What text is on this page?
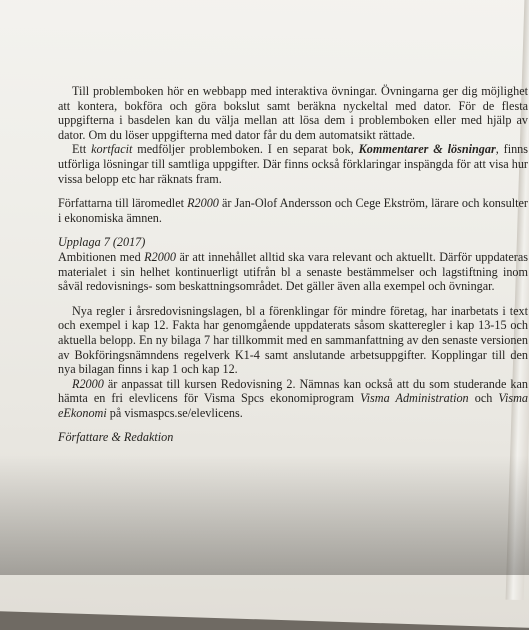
Till problemboken hör en webbapp med interaktiva övningar. Övningarna ger dig möjlighet att kontera, bokföra och göra bokslut samt beräkna nyckeltal med dator. För de flesta uppgifterna i basdelen kan du välja mellan att lösa dem i problemboken eller med hjälp av dator. Om du löser uppgifterna med dator får du dem automatsikt rättade.

Ett kortfacit medföljer problemboken. I en separat bok, Kommentarer & lösningar, finns utförliga lösningar till samtliga uppgifter. Där finns också förklaringar inspängda för att visa hur vissa belopp etc har räknats fram.

Författarna till läromedlet R2000 är Jan-Olof Andersson och Cege Ekström, lärare och konsulter i ekonomiska ämnen.

Upplaga 7 (2017)

Ambitionen med R2000 är att innehållet alltid ska vara relevant och aktuellt. Därför uppdateras materialet i sin helhet kontinuerligt utifrån bl a senaste bestämmelser och lagstiftning inom såväl redovisnings- som beskattningsområdet. Det gäller även alla exempel och övningar.

Nya regler i årsredovisningslagen, bl a förenklingar för mindre företag, har inarbetats i text och exempel i kap 12. Fakta har genomgående uppdaterats såsom skatteregler i kap 13-15 och aktuella belopp. En ny bilaga 7 har tillkommit med en sammanfattning av den senaste versionen av Bokföringsnämndens regelverk K1-4 samt anslutande arbetsuppgifter. Kopplingar till den nya bilagan finns i kap 1 och kap 12.

R2000 är anpassat till kursen Redovisning 2. Nämnas kan också att du som studerande kan hämta en fri elevlicens för Visma Spcs ekonomiprogram Visma Administration och Visma eEkonomi på vismaspcs.se/elevlicens.

Författare & Redaktion
